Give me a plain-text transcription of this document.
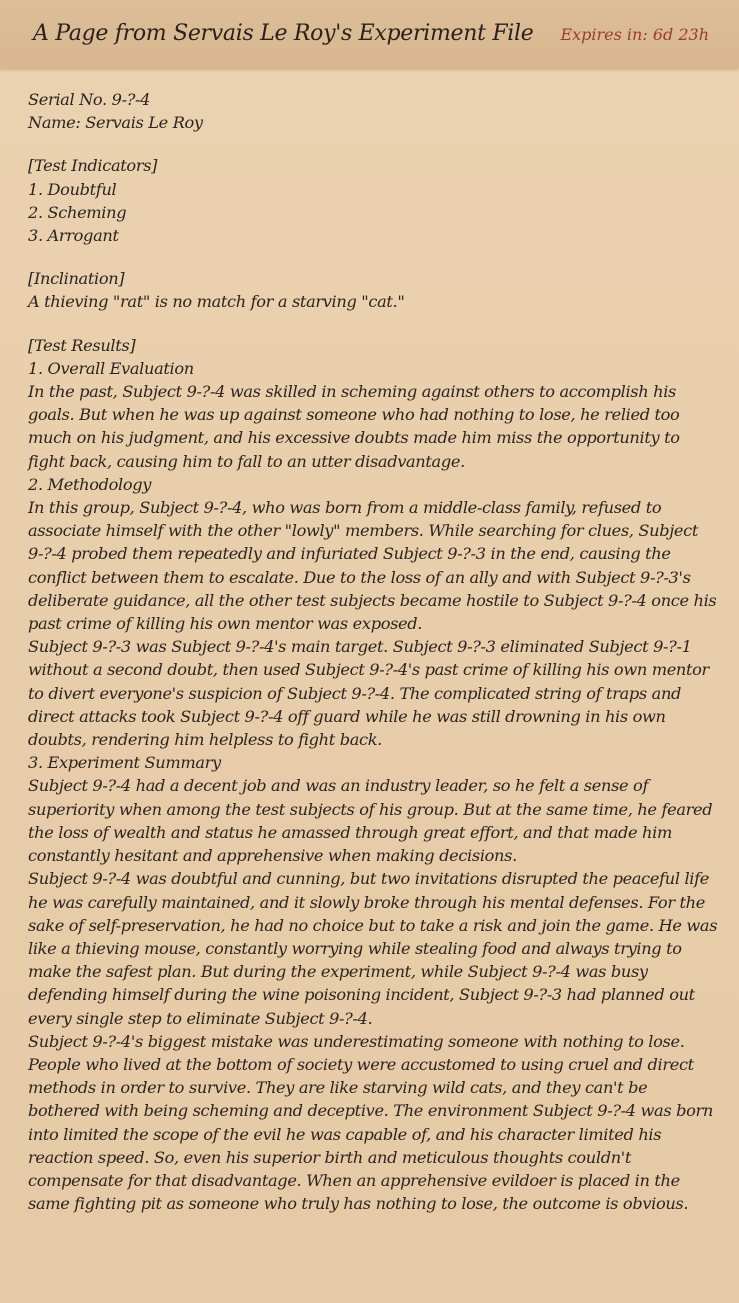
A Page from Servais Le Roy's Experiment File Expires in: 6d 23h

Serial No. 9-?-4

Name: Servais Le Roy

[Test Indicators]

1. Doubtful

2. Scheming

3. Arrogant

[Inclination]

A thieving "rat" is no match for a starving "cat."

[Test Results]

1. Overall Evaluation

In the past, Subject 9-?-4 was skilled in scheming against others to accomplish his goals. But when he was up against someone who had nothing to lose, he relied too much on his judgment, and his excessive doubts made him miss the opportunity to fight back, causing him to fall to an utter disadvantage.

2. Methodology

In this group, Subject 9-?-4, who was born from a middle-class family, refused to associate himself with the other "lowly" members. While searching for clues, Subject 9-?-4 probed them repeatedly and infuriated Subject 9-?-3 in the end, causing the conflict between them to escalate. Due to the loss of an ally and with Subject 9-?-3's deliberate guidance, all the other test subjects became hostile to Subject 9-?-4 once his past crime of killing his own mentor was exposed.

Subject 9-?-3 was Subject 9-?-4's main target. Subject 9-?-3 eliminated Subject 9-?-1 without a second doubt, then used Subject 9-?-4's past crime of killing his own mentor to divert everyone's suspicion of Subject 9-?-4. The complicated string of traps and direct attacks took Subject 9-?-4 off guard while he was still drowning in his own doubts, rendering him helpless to fight back.

3. Experiment Summary

Subject 9-?-4 had a decent job and was an industry leader, so he felt a sense of superiority when among the test subjects of his group. But at the same time, he feared the loss of wealth and status he amassed through great effort, and that made him constantly hesitant and apprehensive when making decisions.

Subject 9-?-4 was doubtful and cunning, but two invitations disrupted the peaceful life he was carefully maintained, and it slowly broke through his mental defenses. For the sake of self-preservation, he had no choice but to take a risk and join the game. He was like a thieving mouse, constantly worrying while stealing food and always trying to make the safest plan. But during the experiment, while Subject 9-?-4 was busy defending himself during the wine poisoning incident, Subject 9-?-3 had planned out every single step to eliminate Subject 9-?-4.

Subject 9-?-4's biggest mistake was underestimating someone with nothing to lose. People who lived at the bottom of society were accustomed to using cruel and direct methods in order to survive. They are like starving wild cats, and they can't be bothered with being scheming and deceptive. The environment Subject 9-?-4 was born into limited the scope of the evil he was capable of, and his character limited his reaction speed. So, even his superior birth and meticulous thoughts couldn't compensate for that disadvantage. When an apprehensive evildoer is placed in the same fighting pit as someone who truly has nothing to lose, the outcome is obvious.
